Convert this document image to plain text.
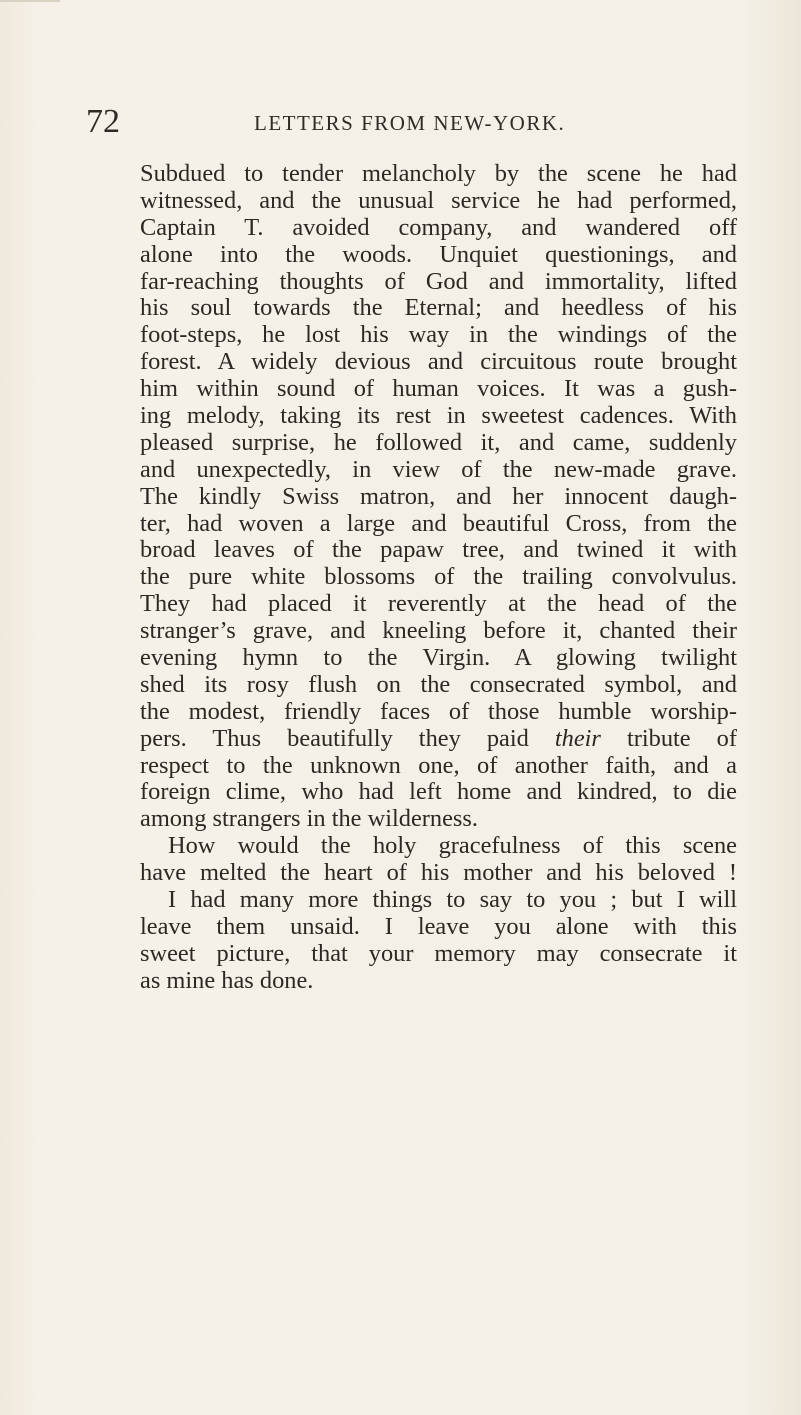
72	LETTERS FROM NEW-YORK.
Subdued to tender melancholy by the scene he had
witnessed, and the unusual service he had performed,
Captain T. avoided company, and wandered off
alone into the woods. Unquiet questionings, and
far-reaching thoughts of God and immortality, lifted
his soul towards the Eternal; and heedless of his
foot-steps, he lost his way in the windings of the
forest. A widely devious and circuitous route brought
him within sound of human voices. It was a gush-
ing melody, taking its rest in sweetest cadences. With
pleased surprise, he followed it, and came, suddenly
and unexpectedly, in view of the new-made grave.
The kindly Swiss matron, and her innocent daugh-
ter, had woven a large and beautiful Cross, from the
broad leaves of the papaw tree, and twined it with
the pure white blossoms of the trailing convolvulus.
They had placed it reverently at the head of the
stranger’s grave, and kneeling before it, chanted their
evening hymn to the Virgin. A glowing twilight
shed its rosy flush on the consecrated symbol, and
the modest, friendly faces of those humble worship-
pers. Thus beautifully they paid their tribute of
respect to the unknown one, of another faith, and a
foreign clime, who had left home and kindred, to die
among strangers in the wilderness.
How would the holy gracefulness of this scene
have melted the heart of his mother and his beloved !
I had many more things to say to you ; but I will
leave them unsaid. I leave you alone with this
sweet picture, that your memory may consecrate it
as mine has done.
